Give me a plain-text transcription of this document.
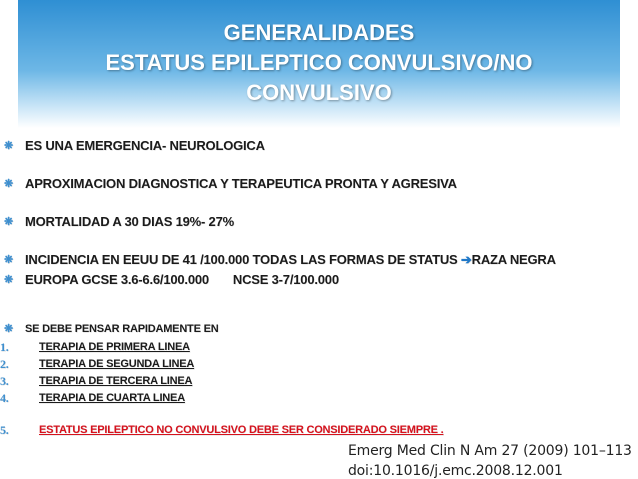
GENERALIDADES
ESTATUS EPILEPTICO CONVULSIVO/NO
CONVULSIVO
❋ ES UNA EMERGENCIA- NEUROLOGICA
❋ APROXIMACION DIAGNOSTICA Y TERAPEUTICA PRONTA Y AGRESIVA
❋ MORTALIDAD A 30 DIAS 19%- 27%
❋ INCIDENCIA EN EEUU DE 41 /100.000 TODAS LAS FORMAS DE STATUS ➔RAZA NEGRA
❋ EUROPA GCSE 3.6-6.6/100.000 NCSE 3-7/100.000
❋ SE DEBE PENSAR RAPIDAMENTE EN
1.	TERAPIA DE PRIMERA LINEA
2.	TERAPIA DE SEGUNDA LINEA
3.	TERAPIA DE TERCERA LINEA
4.	TERAPIA DE CUARTA LINEA
5.	ESTATUS EPILEPTICO NO CONVULSIVO DEBE SER CONSIDERADO SIEMPRE .
Emerg Med Clin N Am 27 (2009) 101–113
doi:10.1016/j.emc.2008.12.001
